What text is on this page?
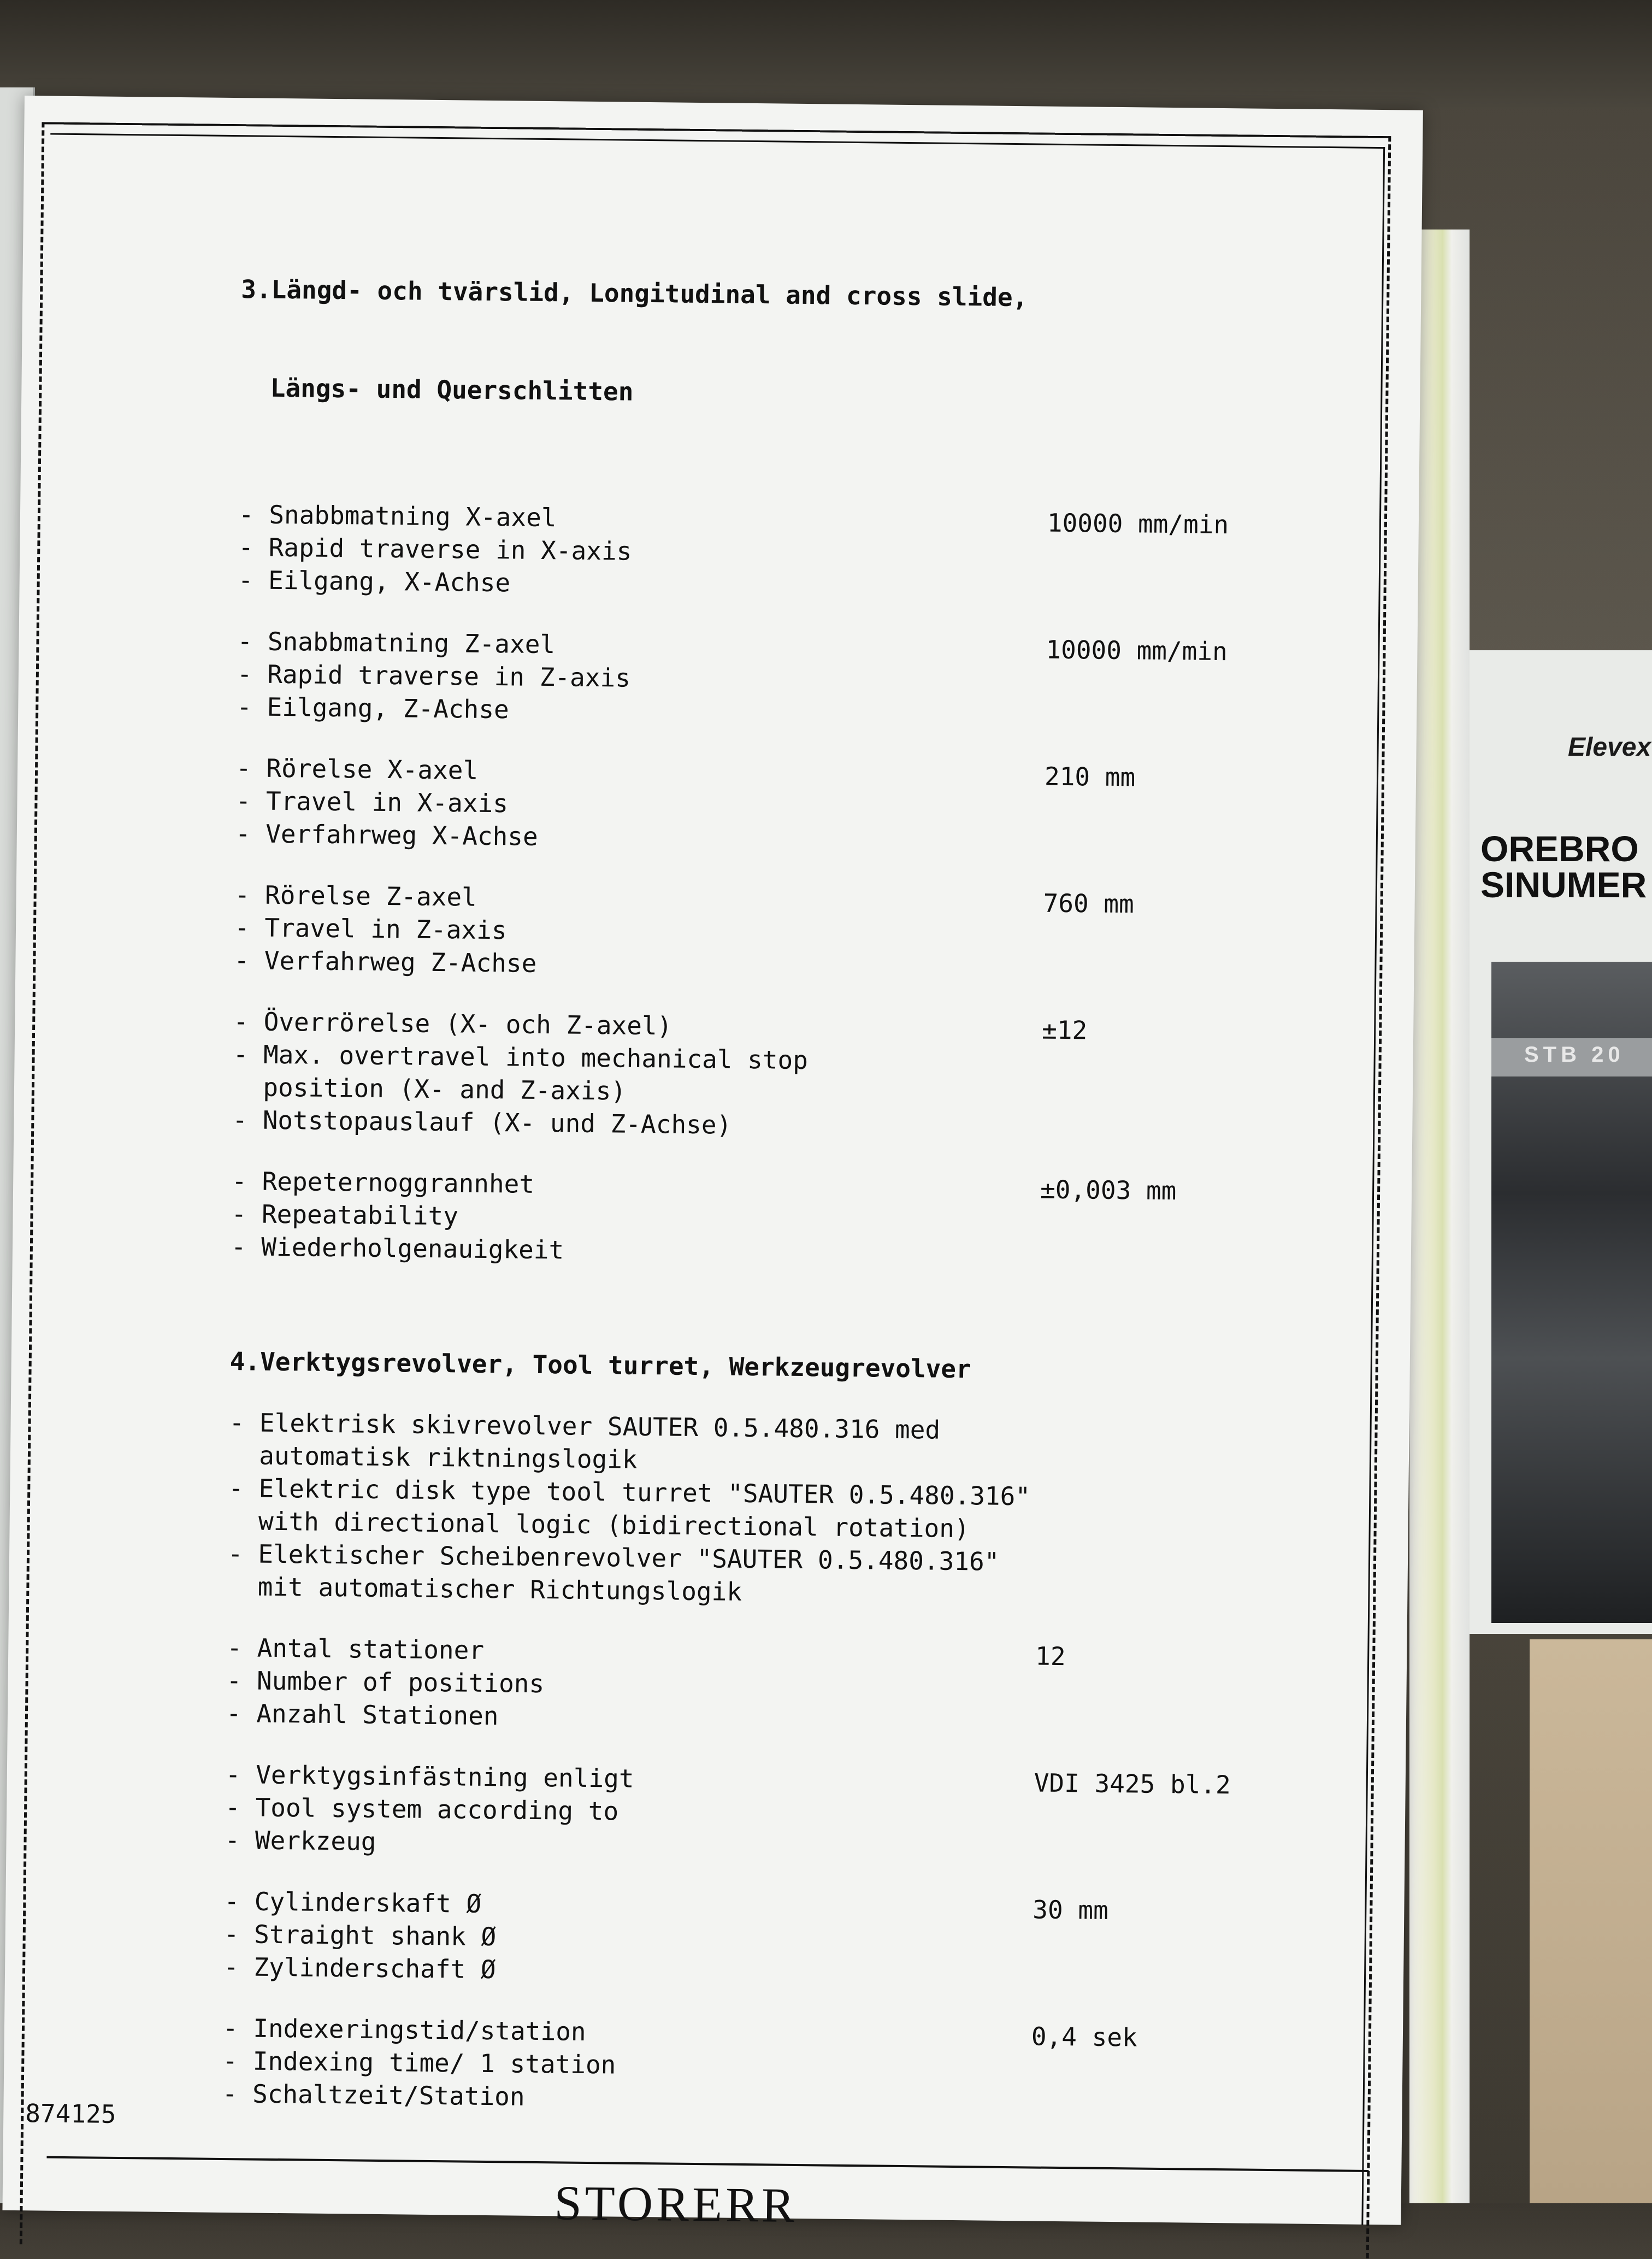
Elevex
OREBRO
SINUMER
STB 20

3.Längd- och tvärslid, Longitudinal and cross slide,

Längs- und Querschlitten

10000 mm/min
- Snabbmatning X-axel
- Rapid traverse in X-axis
- Eilgang, X-Achse
10000 mm/min
- Snabbmatning Z-axel
- Rapid traverse in Z-axis
- Eilgang, Z-Achse
210 mm
- Rörelse X-axel
- Travel in X-axis
- Verfahrweg X-Achse
760 mm
- Rörelse Z-axel
- Travel in Z-axis
- Verfahrweg Z-Achse
±12
- Överrörelse (X- och Z-axel)
- Max. overtravel into mechanical stop
position (X- and Z-axis)
- Notstopauslauf (X- und Z-Achse)
±0,003 mm
- Repeternoggrannhet
- Repeatability
- Wiederholgenauigkeit
4.Verktygsrevolver, Tool turret, Werkzeugrevolver
- Elektrisk skivrevolver SAUTER 0.5.480.316 med
automatisk riktningslogik
- Elektric disk type tool turret "SAUTER 0.5.480.316"
with directional logic (bidirectional rotation)
- Elektischer Scheibenrevolver "SAUTER 0.5.480.316"
mit automatischer Richtungslogik
12
- Antal stationer
- Number of positions
- Anzahl Stationen
VDI 3425 bl.2
- Verktygsinfästning enligt
- Tool system according to
- Werkzeug
30 mm
- Cylinderskaft Ø
- Straight shank Ø
- Zylinderschaft Ø
0,4 sek
- Indexeringstid/station
- Indexing time/ 1 station
- Schaltzeit/Station
874125
STORERR
